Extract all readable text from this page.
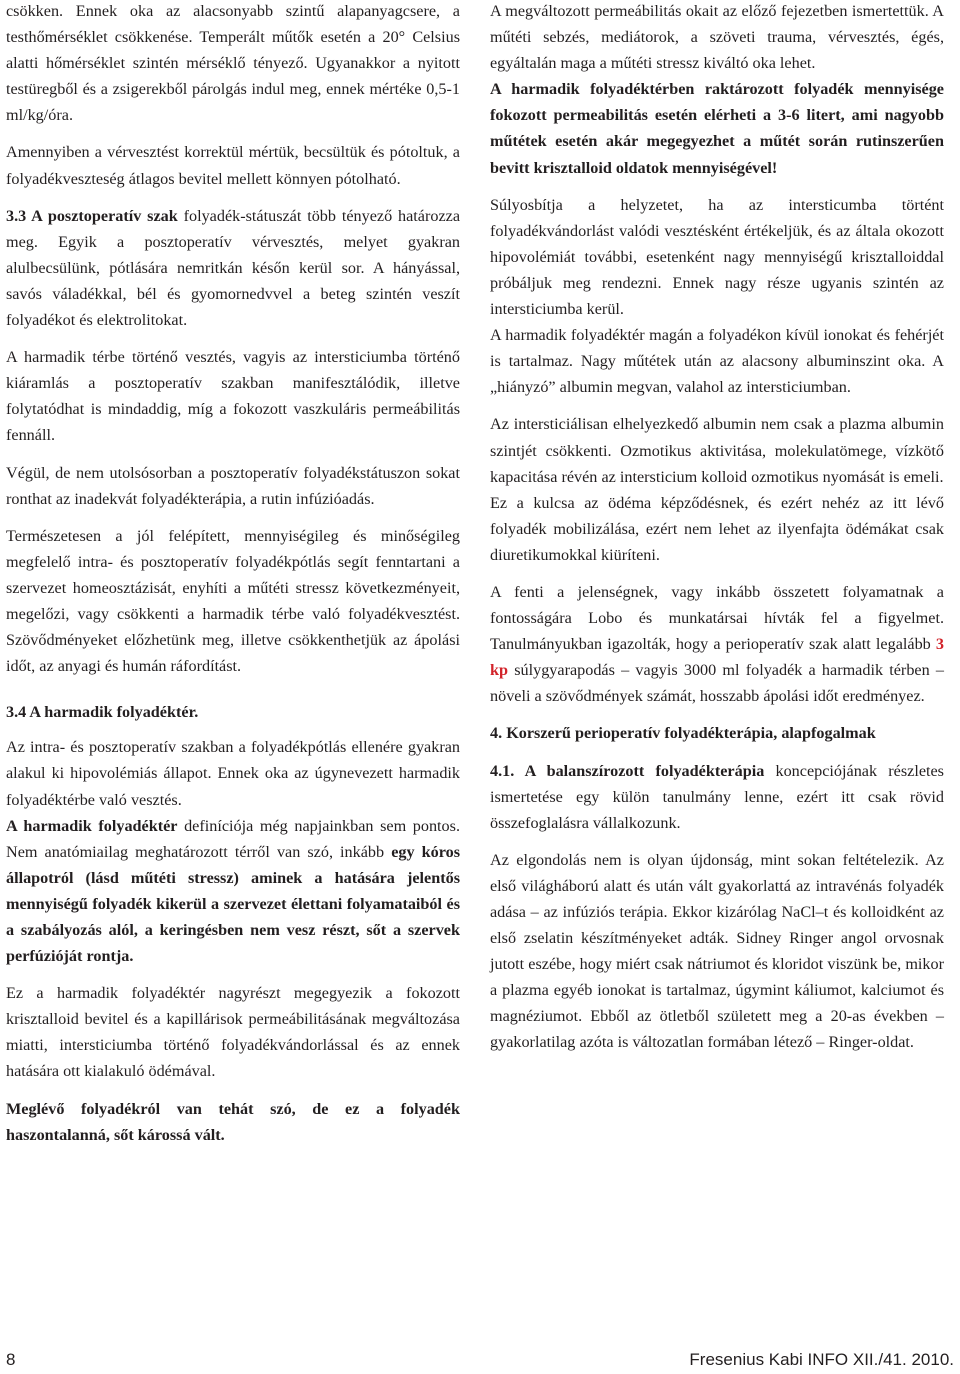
csökken. Ennek oka az alacsonyabb szintű alapanyagcsere, a testhőmérséklet csökkenése. Temperált műtők esetén a 20° Celsius alatti hőmérséklet szintén mérséklő tényező. Ugyanakkor a nyitott testüregből és a zsigerekből párolgás indul meg, ennek mértéke 0,5-1 ml/kg/óra.

Amennyiben a vérvesztést korrektül mértük, becsültük és pótoltuk, a folyadékveszteség átlagos bevitel mellett könnyen pótolható.

3.3 A posztoperatív szak folyadék-státuszát több tényező határozza meg. Egyik a posztoperatív vérvesztés, melyet gyakran alulbecsülünk, pótlására nemritkán későn kerül sor. A hányással, savós váladékkal, bél és gyomornedvvel a beteg szintén veszít folyadékot és elektrolitokat.

A harmadik térbe történő vesztés, vagyis az intersticiumba történő kiáramlás a posztoperatív szakban manifesztálódik, illetve folytatódhat is mindaddig, míg a fokozott vaszkuláris permeábilitás fennáll.

Végül, de nem utolsósorban a posztoperatív folyadékstátuszon sokat ronthat az inadekvát folyadékterápia, a rutin infúzióadás.

Természetesen a jól felépített, mennyiségileg és minőségileg megfelelő intra- és posztoperatív folyadékpótlás segít fenntartani a szervezet homeosztázisát, enyhíti a műtéti stressz következményeit, megelőzi, vagy csökkenti a harmadik térbe való folyadékvesztést. Szövődményeket előzhetünk meg, illetve csökkenthetjük az ápolási időt, az anyagi és humán ráfordítást.

3.4 A harmadik folyadéktér.

Az intra- és posztoperatív szakban a folyadékpótlás ellenére gyakran alakul ki hipovolémiás állapot. Ennek oka az úgynevezett harmadik folyadéktérbe való vesztés.

A harmadik folyadéktér definíciója még napjainkban sem pontos. Nem anatómiailag meghatározott térről van szó, inkább egy kóros állapotról (lásd műtéti stressz) aminek a hatására jelentős mennyiségű folyadék kikerül a szervezet élettani folyamataiból és a szabályozás alól, a keringésben nem vesz részt, sőt a szervek perfúzióját rontja.

Ez a harmadik folyadéktér nagyrészt megegyezik a fokozott krisztalloid bevitel és a kapillárisok permeábilitásának megváltozása miatti, intersticiumba történő folyadékvándorlással és az ennek hatására ott kialakuló ödémával.

Meglévő folyadékról van tehát szó, de ez a folyadék haszontalanná, sőt károssá vált.

A megváltozott permeábilitás okait az előző fejezetben ismertettük. A műtéti sebzés, mediátorok, a szöveti trauma, vérvesztés, égés, egyáltalán maga a műtéti stressz kiváltó oka lehet.

A harmadik folyadéktérben raktározott folyadék mennyisége fokozott permeabilitás esetén elérheti a 3-6 litert, ami nagyobb műtétek esetén akár megegyezhet a műtét során rutinszerűen bevitt krisztalloid oldatok mennyiségével!

Súlyosbítja a helyzetet, ha az intersticumba történt folyadékvándorlást valódi vesztésként értékeljük, és az általa okozott hipovolémiát további, esetenként nagy mennyiségű krisztalloiddal próbáljuk meg rendezni. Ennek nagy része ugyanis szintén az intersticiumba kerül.

A harmadik folyadéktér magán a folyadékon kívül ionokat és fehérjét is tartalmaz. Nagy műtétek után az alacsony albuminszint oka. A „hiányzó” albumin megvan, valahol az intersticiumban.

Az intersticiálisan elhelyezkedő albumin nem csak a plazma albumin szintjét csökkenti. Ozmotikus aktivitása, molekulatömege, vízkötő kapacitása révén az intersticium kolloid ozmotikus nyomását is emeli.

Ez a kulcsa az ödéma képződésnek, és ezért nehéz az itt lévő folyadék mobilizálása, ezért nem lehet az ilyenfajta ödémákat csak diuretikumokkal kiüríteni.

A fenti a jelenségnek, vagy inkább összetett folyamatnak a fontosságára Lobo és munkatársai hívták fel a figyelmet. Tanulmányukban igazolták, hogy a perioperatív szak alatt legalább 3 kp súlygyarapodás – vagyis 3000 ml folyadék a harmadik térben – növeli a szövődmények számát, hosszabb ápolási időt eredményez.

4. Korszerű perioperatív folyadékterápia, alapfogalmak

4.1. A balanszírozott folyadékterápia koncepciójának részletes ismertetése egy külön tanulmány lenne, ezért itt csak rövid összefoglalásra vállalkozunk.

Az elgondolás nem is olyan újdonság, mint sokan feltételezik. Az első világháború alatt és után vált gyakorlattá az intravénás folyadék adása – az infúziós terápia. Ekkor kizárólag NaCl–t és kolloidként az első zselatin készítményeket adták. Sidney Ringer angol orvosnak jutott eszébe, hogy miért csak nátriumot és kloridot viszünk be, mikor a plazma egyéb ionokat is tartalmaz, úgymint káliumot, kalciumot és magnéziumot. Ebből az ötletből született meg a 20-as években – gyakorlatilag azóta is változatlan formában létező – Ringer-oldat.

8	Fresenius Kabi INFO XII./41. 2010.
